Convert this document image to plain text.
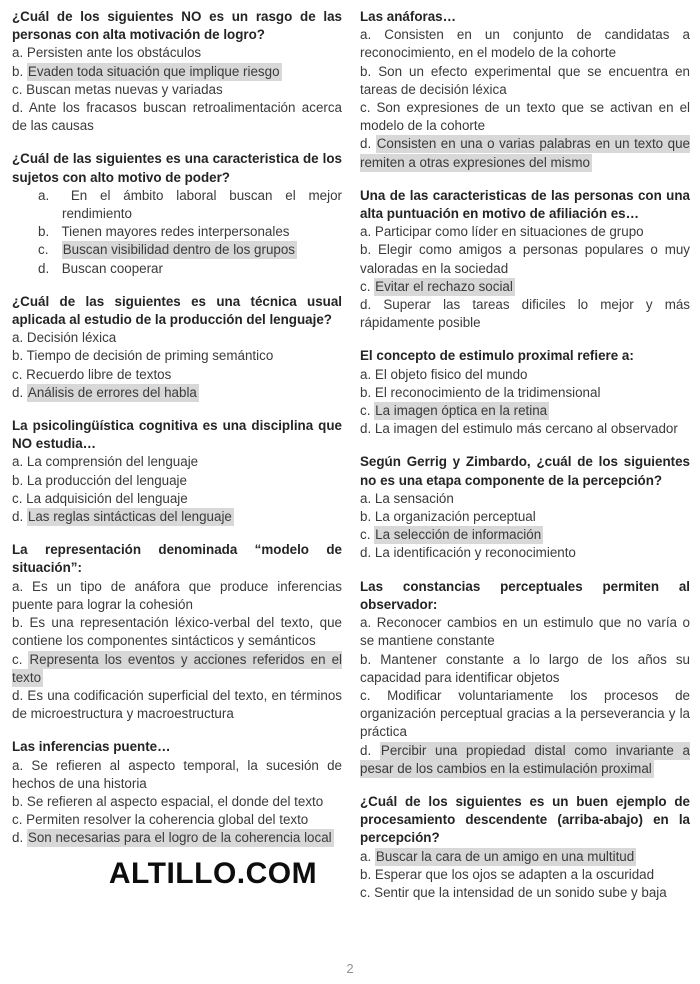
¿Cuál de los siguientes NO es un rasgo de las personas con alta motivación de logro?

a. Persisten ante los obstáculos

b. Evaden toda situación que implique riesgo

c. Buscan metas nuevas y variadas

d. Ante los fracasos buscan retroalimentación acerca de las causas

¿Cuál de las siguientes es una caracteristica de los sujetos con alto motivo de poder?

a. En el ámbito laboral buscan el mejor rendimiento

b. Tienen mayores redes interpersonales

c. Buscan visibilidad dentro de los grupos

d. Buscan cooperar

¿Cuál de las siguientes es una técnica usual aplicada al estudio de la producción del lenguaje?

a. Decisión léxica

b. Tiempo de decisión de priming semántico

c. Recuerdo libre de textos

d. Análisis de errores del habla

La psicolingüística cognitiva es una disciplina que NO estudia…

a. La comprensión del lenguaje

b. La producción del lenguaje

c. La adquisición del lenguaje

d. Las reglas sintácticas del lenguaje

La representación denominada “modelo de situación”:

a. Es un tipo de anáfora que produce inferencias puente para lograr la cohesión

b. Es una representación léxico-verbal del texto, que contiene los componentes sintácticos y semánticos

c. Representa los eventos y acciones referidos en el texto

d. Es una codificación superficial del texto, en términos de microestructura y macroestructura

Las inferencias puente…

a. Se refieren al aspecto temporal, la sucesión de hechos de una historia

b. Se refieren al aspecto espacial, el donde del texto

c. Permiten resolver la coherencia global del texto

d. Son necesarias para el logro de la coherencia local

ALTILLO.COM
Las anáforas…

a. Consisten en un conjunto de candidatas a reconocimiento, en el modelo de la cohorte

b. Son un efecto experimental que se encuentra en tareas de decisión léxica

c. Son expresiones de un texto que se activan en el modelo de la cohorte

d. Consisten en una o varias palabras en un texto que remiten a otras expresiones del mismo

Una de las caracteristicas de las personas con una alta puntuación en motivo de afiliación es…

a. Participar como líder en situaciones de grupo

b. Elegir como amigos a personas populares o muy valoradas en la sociedad

c. Evitar el rechazo social

d. Superar las tareas dificiles lo mejor y más rápidamente posible

El concepto de estimulo proximal refiere a:

a. El objeto fisico del mundo

b. El reconocimiento de la tridimensional

c. La imagen óptica en la retina

d. La imagen del estimulo más cercano al observador

Según Gerrig y Zimbardo, ¿cuál de los siguientes no es una etapa componente de la percepción?

a. La sensación

b. La organización perceptual

c. La selección de información

d. La identificación y reconocimiento

Las constancias perceptuales permiten al observador:

a. Reconocer cambios en un estimulo que no varía o se mantiene constante

b. Mantener constante a lo largo de los años su capacidad para identificar objetos

c. Modificar voluntariamente los procesos de organización perceptual gracias a la perseverancia y la práctica

d. Percibir una propiedad distal como invariante a pesar de los cambios en la estimulación proximal

¿Cuál de los siguientes es un buen ejemplo de procesamiento descendente (arriba-abajo) en la percepción?

a. Buscar la cara de un amigo en una multitud

b. Esperar que los ojos se adapten a la oscuridad

c. Sentir que la intensidad de un sonido sube y baja

2
